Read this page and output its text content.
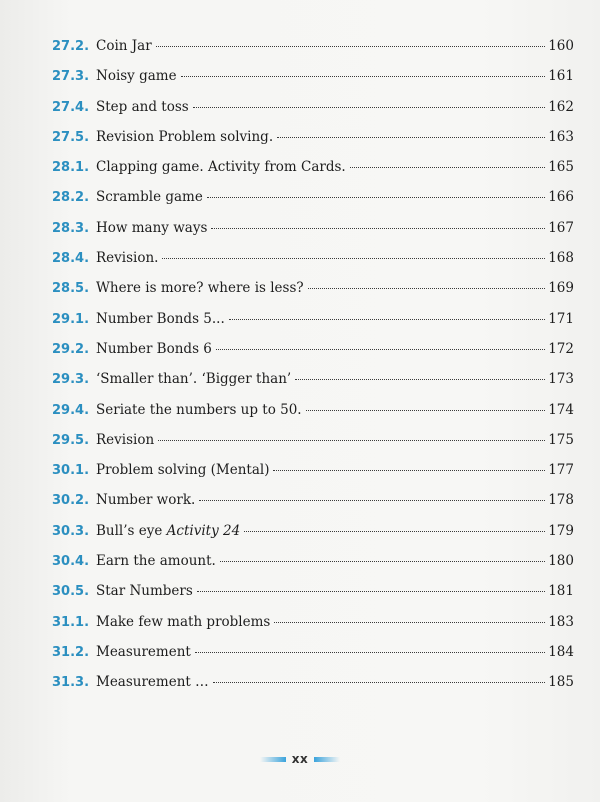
27.2. Coin Jar	160
27.3. Noisy game	161
27.4. Step and toss	162
27.5. Revision Problem solving.	163
28.1. Clapping game. Activity from Cards.	165
28.2. Scramble game	166
28.3. How many ways	167
28.4. Revision.	168
28.5. Where is more? where is less?	169
29.1. Number Bonds 5...	171
29.2. Number Bonds 6	172
29.3. ‘Smaller than’. ‘Bigger than’	173
29.4. Seriate the numbers up to 50.	174
29.5. Revision	175
30.1. Problem solving (Mental)	177
30.2. Number work.	178
30.3. Bull’s eye Activity 24	179
30.4. Earn the amount.	180
30.5. Star Numbers	181
31.1. Make few math problems	183
31.2. Measurement	184
31.3. Measurement …	185
xx
